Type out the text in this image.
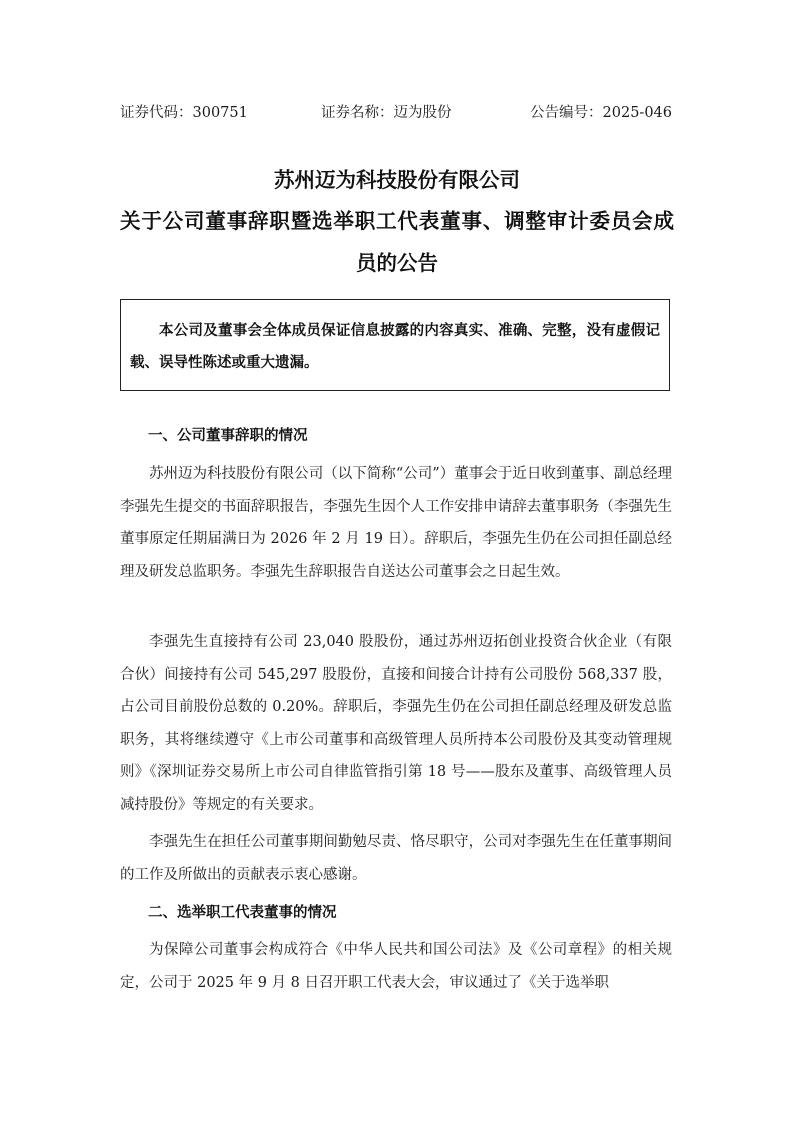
证券代码：300751	证券名称：迈为股份	公告编号：2025-046
苏州迈为科技股份有限公司
关于公司董事辞职暨选举职工代表董事、调整审计委员会成
员的公告
本公司及董事会全体成员保证信息披露的内容真实、准确、完整，没有虚假记载、误导性陈述或重大遗漏。
一、公司董事辞职的情况
苏州迈为科技股份有限公司（以下简称“公司”）董事会于近日收到董事、副总经理李强先生提交的书面辞职报告，李强先生因个人工作安排申请辞去董事职务（李强先生董事原定任期届满日为 2026 年 2 月 19 日）。辞职后，李强先生仍在公司担任副总经理及研发总监职务。李强先生辞职报告自送达公司董事会之日起生效。
李强先生直接持有公司 23,040 股股份，通过苏州迈拓创业投资合伙企业（有限合伙）间接持有公司 545,297 股股份，直接和间接合计持有公司股份 568,337 股，占公司目前股份总数的 0.20%。辞职后，李强先生仍在公司担任副总经理及研发总监职务，其将继续遵守《上市公司董事和高级管理人员所持本公司股份及其变动管理规则》《深圳证券交易所上市公司自律监管指引第 18 号——股东及董事、高级管理人员减持股份》等规定的有关要求。
李强先生在担任公司董事期间勤勉尽责、恪尽职守，公司对李强先生在任董事期间的工作及所做出的贡献表示衷心感谢。
二、选举职工代表董事的情况
为保障公司董事会构成符合《中华人民共和国公司法》及《公司章程》的相关规定，公司于 2025 年 9 月 8 日召开职工代表大会，审议通过了《关于选举职
